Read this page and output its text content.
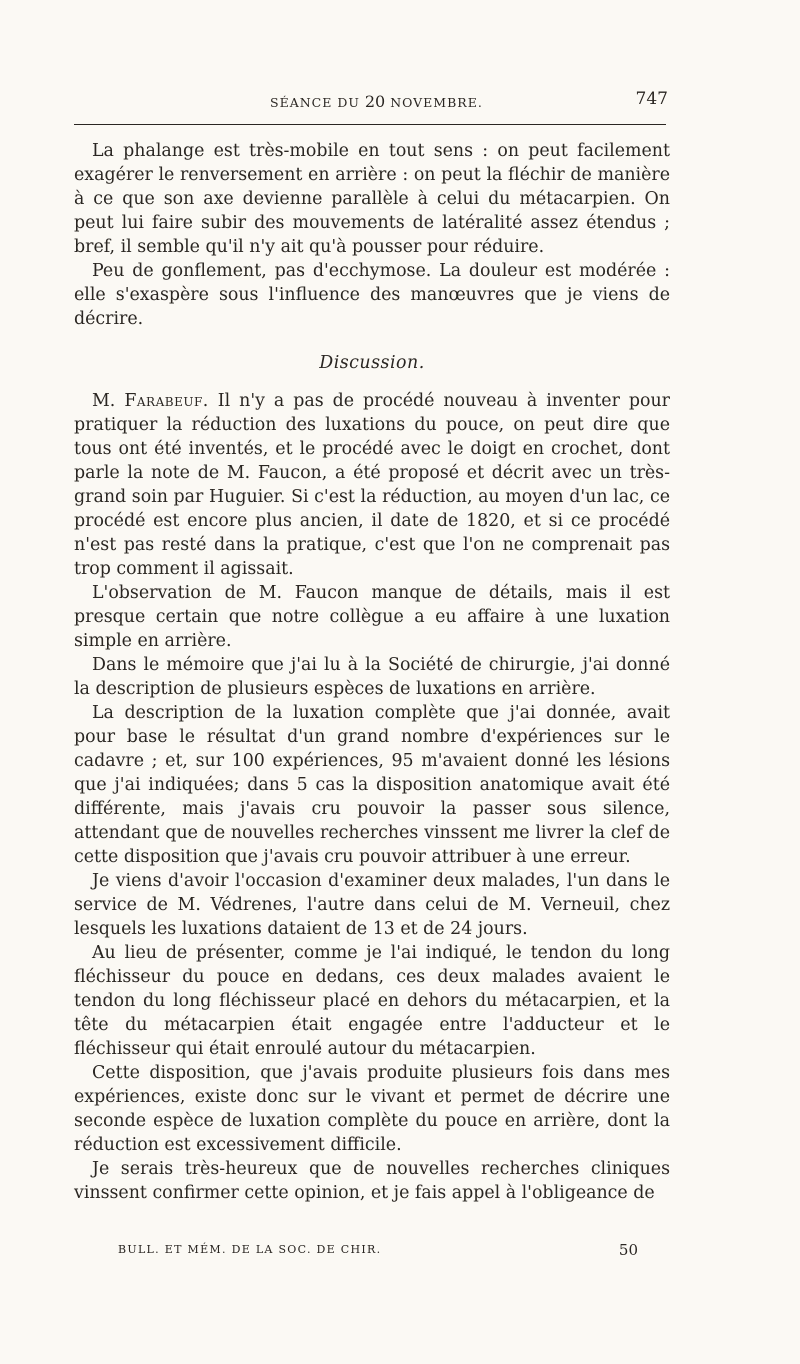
SÉANCE DU 20 NOVEMBRE.	747

La phalange est très-mobile en tout sens : on peut facilement exagérer le renversement en arrière : on peut la fléchir de manière à ce que son axe devienne parallèle à celui du métacarpien. On peut lui faire subir des mouvements de latéralité assez étendus ; bref, il semble qu'il n'y ait qu'à pousser pour réduire.

Peu de gonflement, pas d'ecchymose. La douleur est modérée : elle s'exaspère sous l'influence des manœuvres que je viens de décrire.

Discussion.

M. Farabeuf. Il n'y a pas de procédé nouveau à inventer pour pratiquer la réduction des luxations du pouce, on peut dire que tous ont été inventés, et le procédé avec le doigt en crochet, dont parle la note de M. Faucon, a été proposé et décrit avec un très-grand soin par Huguier. Si c'est la réduction, au moyen d'un lac, ce procédé est encore plus ancien, il date de 1820, et si ce procédé n'est pas resté dans la pratique, c'est que l'on ne comprenait pas trop comment il agissait.

L'observation de M. Faucon manque de détails, mais il est presque certain que notre collègue a eu affaire à une luxation simple en arrière.

Dans le mémoire que j'ai lu à la Société de chirurgie, j'ai donné la description de plusieurs espèces de luxations en arrière.

La description de la luxation complète que j'ai donnée, avait pour base le résultat d'un grand nombre d'expériences sur le cadavre ; et, sur 100 expériences, 95 m'avaient donné les lésions que j'ai indiquées; dans 5 cas la disposition anatomique avait été différente, mais j'avais cru pouvoir la passer sous silence, attendant que de nouvelles recherches vinssent me livrer la clef de cette disposition que j'avais cru pouvoir attribuer à une erreur.

Je viens d'avoir l'occasion d'examiner deux malades, l'un dans le service de M. Védrenes, l'autre dans celui de M. Verneuil, chez lesquels les luxations dataient de 13 et de 24 jours.

Au lieu de présenter, comme je l'ai indiqué, le tendon du long fléchisseur du pouce en dedans, ces deux malades avaient le tendon du long fléchisseur placé en dehors du métacarpien, et la tête du métacarpien était engagée entre l'adducteur et le fléchisseur qui était enroulé autour du métacarpien.

Cette disposition, que j'avais produite plusieurs fois dans mes expériences, existe donc sur le vivant et permet de décrire une seconde espèce de luxation complète du pouce en arrière, dont la réduction est excessivement difficile.

Je serais très-heureux que de nouvelles recherches cliniques vinssent confirmer cette opinion, et je fais appel à l'obligeance de

BULL. ET MÉM. DE LA SOC. DE CHIR.	50
